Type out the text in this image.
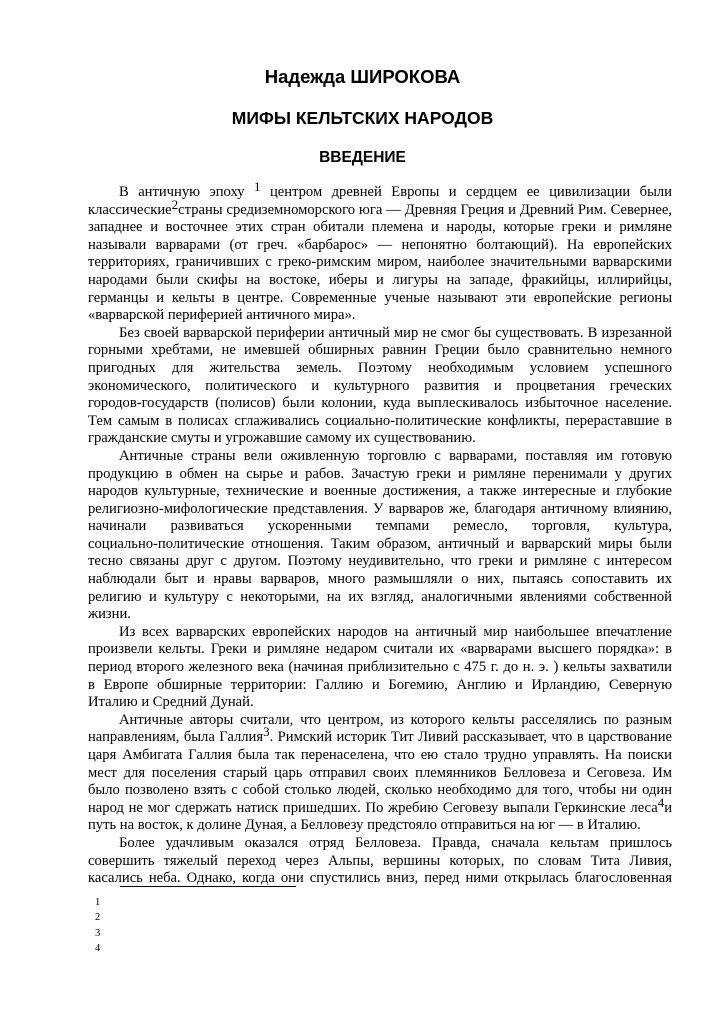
Надежда ШИРОКОВА
МИФЫ КЕЛЬТСКИХ НАРОДОВ
ВВЕДЕНИЕ
В античную эпоху $^1$ центром древней Европы и сердцем ее цивилизации были
классические$^2$страны средиземноморского юга — Древняя Греция и Древний Рим. Севернее,
западнее и восточнее этих стран обитали племена и народы, которые греки и римляне
называли варварами (от греч. «барбарос» — непонятно болтающий). На европейских
территориях, граничивших с греко-римским миром, наиболее значительными варварскими
народами были скифы на востоке, иберы и лигуры на западе, фракийцы, иллирийцы,
германцы и кельты в центре. Современные ученые называют эти европейские регионы
«варварской периферией античного мира».
Без своей варварской периферии античный мир не смог бы существовать. В изрезанной
горными хребтами, не имевшей обширных равнин Греции было сравнительно немного
пригодных для жительства земель. Поэтому необходимым условием успешного
экономического, политического и культурного развития и процветания греческих
городов-государств (полисов) были колонии, куда выплескивалось избыточное население.
Тем самым в полисах сглаживались социально-политические конфликты, перераставшие в
гражданские смуты и угрожавшие самому их существованию.
Античные страны вели оживленную торговлю с варварами, поставляя им готовую
продукцию в обмен на сырье и рабов. Зачастую греки и римляне перенимали у других
народов культурные, технические и военные достижения, а также интересные и глубокие
религиозно-мифологические представления. У варваров же, благодаря античному влиянию,
начинали развиваться ускоренными темпами ремесло, торговля, культура,
социально-политические отношения. Таким образом, античный и варварский миры были
тесно связаны друг с другом. Поэтому неудивительно, что греки и римляне с интересом
наблюдали быт и нравы варваров, много размышляли о них, пытаясь сопоставить их
религию и культуру с некоторыми, на их взгляд, аналогичными явлениями собственной
жизни.
Из всех варварских европейских народов на античный мир наибольшее впечатление
произвели кельты. Греки и римляне недаром считали их «варварами высшего порядка»: в
период второго железного века (начиная приблизительно с 475 г. до н. э. ) кельты захватили
в Европе обширные территории: Галлию и Богемию, Англию и Ирландию, Северную
Италию и Средний Дунай.
Античные авторы считали, что центром, из которого кельты расселялись по разным
направлениям, была Галлия$^3$. Римский историк Тит Ливий рассказывает, что в царствование
царя Амбигата Галлия была так перенаселена, что ею стало трудно управлять. На поиски
мест для поселения старый царь отправил своих племянников Белловеза и Сеговеза. Им
было позволено взять с собой столько людей, сколько необходимо для того, чтобы ни один
народ не мог сдержать натиск пришедших. По жребию Сеговезу выпали Геркинские леса$^4$и
путь на восток, к долине Дуная, а Белловезу предстояло отправиться на юг — в Италию.
Более удачливым оказался отряд Белловеза. Правда, сначала кельтам пришлось
совершить тяжелый переход через Альпы, вершины которых, по словам Тита Ливия,
касались неба. Однако, когда они спустились вниз, перед ними открылась благословенная
1
2
3
4
